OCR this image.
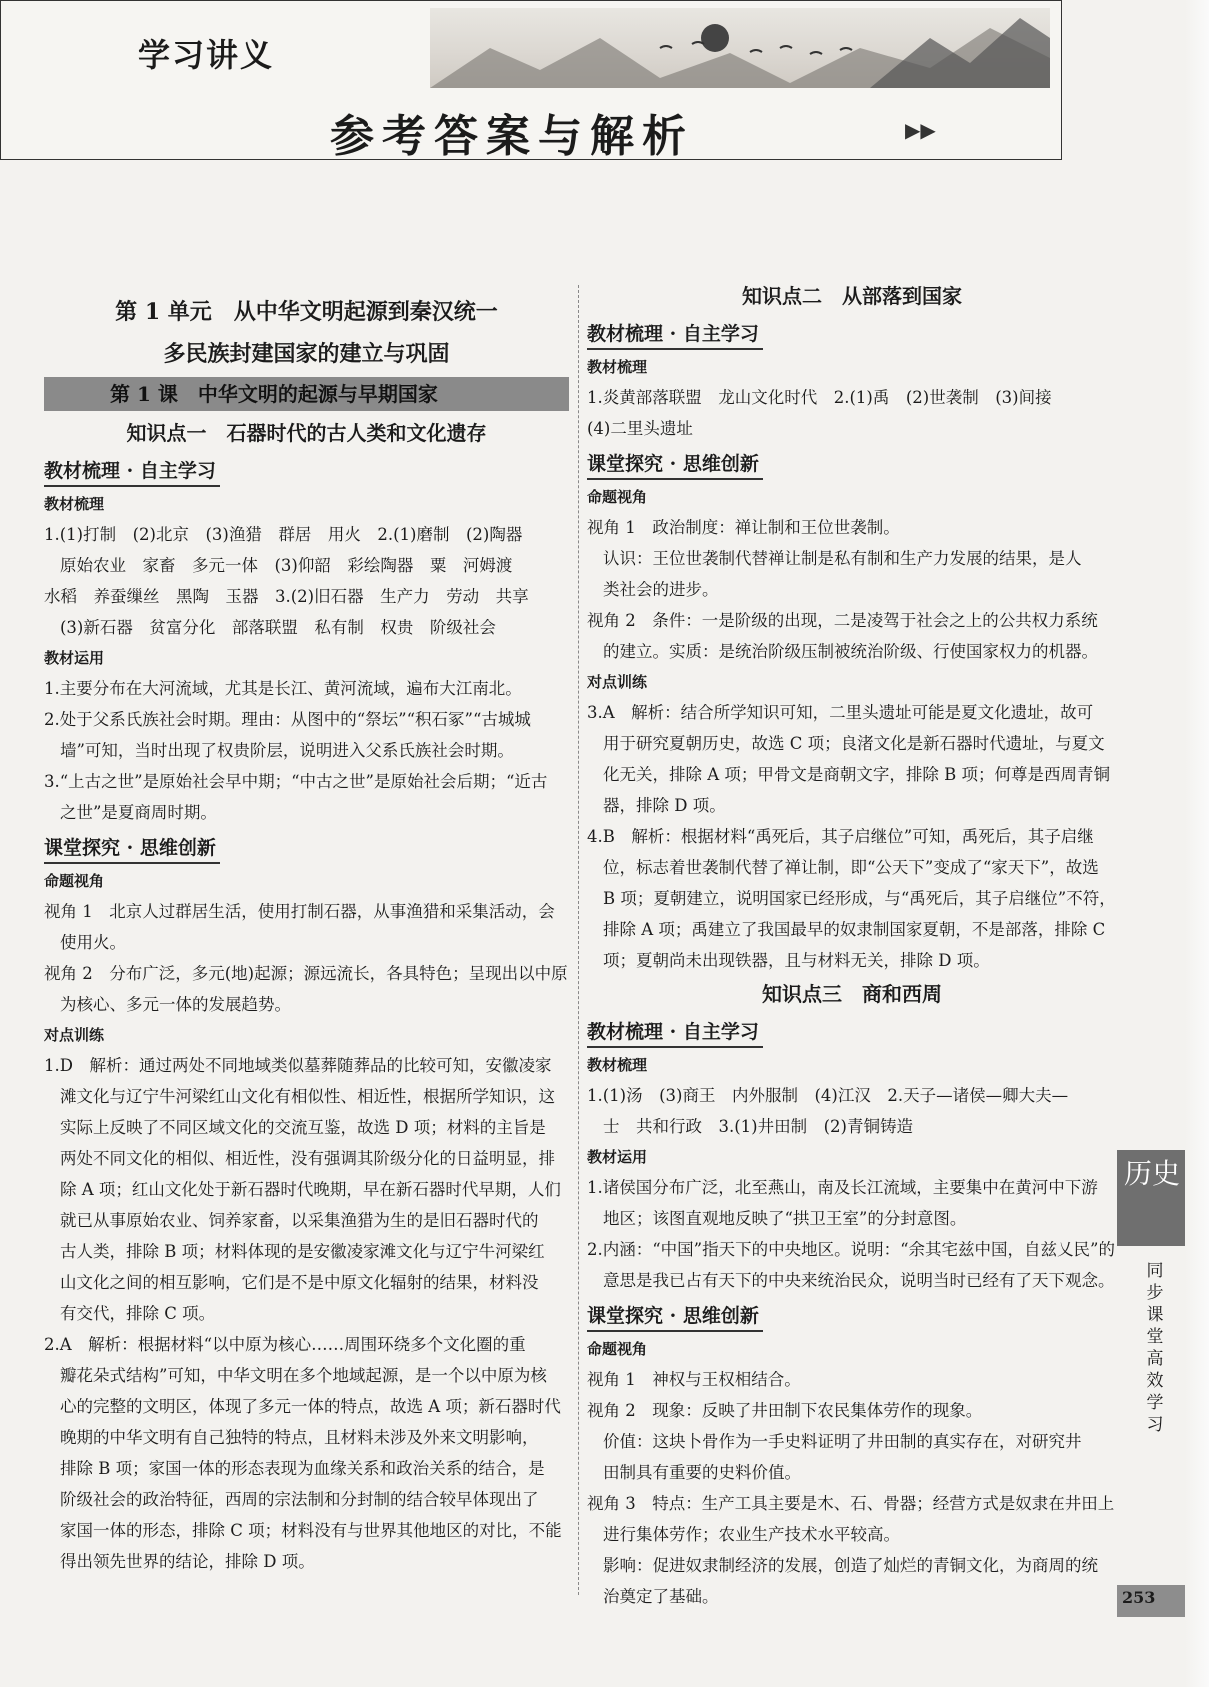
学习讲义
参考答案与解析	▶▶
第 1 单元　从中华文明起源到秦汉统一
多民族封建国家的建立与巩固
第 1 课　中华文明的起源与早期国家
知识点一　石器时代的古人类和文化遗存
教材梳理 · 自主学习
教材梳理

1.(1)打制　(2)北京　(3)渔猎　群居　用火　2.(1)磨制　(2)陶器

原始农业　家畜　多元一体　(3)仰韶　彩绘陶器　粟　河姆渡

水稻　养蚕缫丝　黑陶　玉器　3.(2)旧石器　生产力　劳动　共享

(3)新石器　贫富分化　部落联盟　私有制　权贵　阶级社会

教材运用

1.主要分布在大河流域，尤其是长江、黄河流域，遍布大江南北。

2.处于父系氏族社会时期。理由：从图中的“祭坛”“积石冢”“古城城

墙”可知，当时出现了权贵阶层，说明进入父系氏族社会时期。

3.“上古之世”是原始社会早中期；“中古之世”是原始社会后期；“近古

之世”是夏商周时期。

课堂探究 · 思维创新
命题视角

视角 1　北京人过群居生活，使用打制石器，从事渔猎和采集活动，会

使用火。

视角 2　分布广泛，多元(地)起源；源远流长，各具特色；呈现出以中原

为核心、多元一体的发展趋势。

对点训练

1.D　解析：通过两处不同地域类似墓葬随葬品的比较可知，安徽凌家

滩文化与辽宁牛河梁红山文化有相似性、相近性，根据所学知识，这

实际上反映了不同区域文化的交流互鉴，故选 D 项；材料的主旨是

两处不同文化的相似、相近性，没有强调其阶级分化的日益明显，排

除 A 项；红山文化处于新石器时代晚期，早在新石器时代早期，人们

就已从事原始农业、饲养家畜，以采集渔猎为生的是旧石器时代的

古人类，排除 B 项；材料体现的是安徽凌家滩文化与辽宁牛河梁红

山文化之间的相互影响，它们是不是中原文化辐射的结果，材料没

有交代，排除 C 项。

2.A　解析：根据材料“以中原为核心……周围环绕多个文化圈的重

瓣花朵式结构”可知，中华文明在多个地域起源，是一个以中原为核

心的完整的文明区，体现了多元一体的特点，故选 A 项；新石器时代

晚期的中华文明有自己独特的特点，且材料未涉及外来文明影响，

排除 B 项；家国一体的形态表现为血缘关系和政治关系的结合，是

阶级社会的政治特征，西周的宗法制和分封制的结合较早体现出了

家国一体的形态，排除 C 项；材料没有与世界其他地区的对比，不能

得出领先世界的结论，排除 D 项。

知识点二　从部落到国家
教材梳理 · 自主学习
教材梳理

1.炎黄部落联盟　龙山文化时代　2.(1)禹　(2)世袭制　(3)间接

(4)二里头遗址

课堂探究 · 思维创新
命题视角

视角 1　政治制度：禅让制和王位世袭制。

认识：王位世袭制代替禅让制是私有制和生产力发展的结果，是人

类社会的进步。

视角 2　条件：一是阶级的出现，二是凌驾于社会之上的公共权力系统

的建立。实质：是统治阶级压制被统治阶级、行使国家权力的机器。

对点训练

3.A　解析：结合所学知识可知，二里头遗址可能是夏文化遗址，故可

用于研究夏朝历史，故选 C 项；良渚文化是新石器时代遗址，与夏文

化无关，排除 A 项；甲骨文是商朝文字，排除 B 项；何尊是西周青铜

器，排除 D 项。

4.B　解析：根据材料“禹死后，其子启继位”可知，禹死后，其子启继

位，标志着世袭制代替了禅让制，即“公天下”变成了“家天下”，故选

B 项；夏朝建立，说明国家已经形成，与“禹死后，其子启继位”不符，

排除 A 项；禹建立了我国最早的奴隶制国家夏朝，不是部落，排除 C

项；夏朝尚未出现铁器，且与材料无关，排除 D 项。

知识点三　商和西周
教材梳理 · 自主学习
教材梳理

1.(1)汤　(3)商王　内外服制　(4)江汉　2.天子—诸侯—卿大夫—

士　共和行政　3.(1)井田制　(2)青铜铸造

教材运用

1.诸侯国分布广泛，北至燕山，南及长江流域，主要集中在黄河中下游

地区；该图直观地反映了“拱卫王室”的分封意图。

2.内涵：“中国”指天下的中央地区。说明：“余其宅兹中国，自兹乂民”的

意思是我已占有天下的中央来统治民众，说明当时已经有了天下观念。

课堂探究 · 思维创新
命题视角

视角 1　神权与王权相结合。

视角 2　现象：反映了井田制下农民集体劳作的现象。

价值：这块卜骨作为一手史料证明了井田制的真实存在，对研究井

田制具有重要的史料价值。

视角 3　特点：生产工具主要是木、石、骨器；经营方式是奴隶在井田上

进行集体劳作；农业生产技术水平较高。

影响：促进奴隶制经济的发展，创造了灿烂的青铜文化，为商周的统

治奠定了基础。

历史
同步课堂　高效学习
253
